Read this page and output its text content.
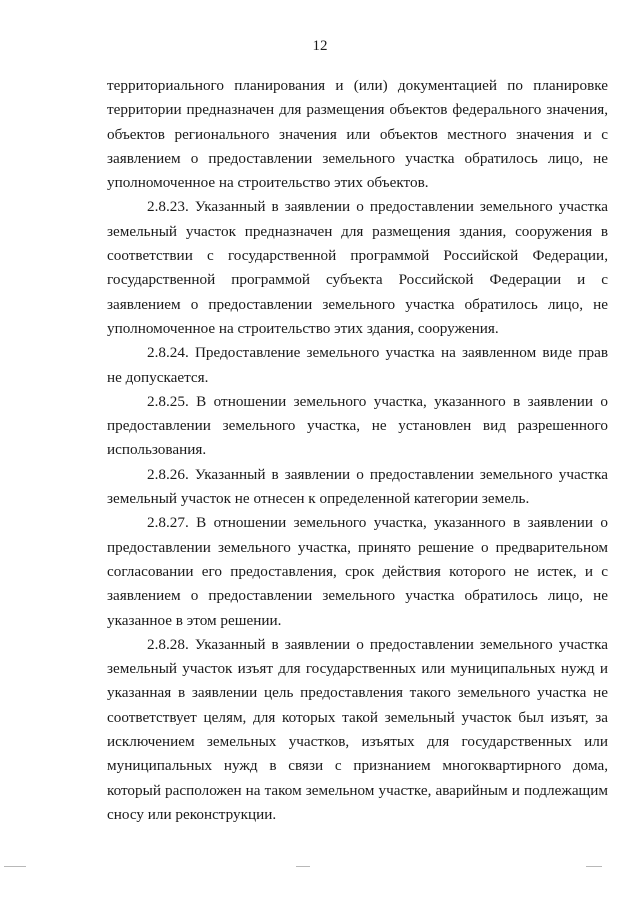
12

территориального планирования и (или) документацией по планировке территории предназначен для размещения объектов федерального значения, объектов регионального значения или объектов местного значения и с заявлением о предоставлении земельного участка обратилось лицо, не уполномоченное на строительство этих объектов.

2.8.23. Указанный в заявлении о предоставлении земельного участка земельный участок предназначен для размещения здания, сооружения в соответствии с государственной программой Российской Федерации, государственной программой субъекта Российской Федерации и с заявлением о предоставлении земельного участка обратилось лицо, не уполномоченное на строительство этих здания, сооружения.

2.8.24. Предоставление земельного участка на заявленном виде прав не допускается.

2.8.25. В отношении земельного участка, указанного в заявлении о предоставлении земельного участка, не установлен вид разрешенного использования.

2.8.26. Указанный в заявлении о предоставлении земельного участка земельный участок не отнесен к определенной категории земель.

2.8.27. В отношении земельного участка, указанного в заявлении о предоставлении земельного участка, принято решение о предварительном согласовании его предоставления, срок действия которого не истек, и с заявлением о предоставлении земельного участка обратилось лицо, не указанное в этом решении.

2.8.28. Указанный в заявлении о предоставлении земельного участка земельный участок изъят для государственных или муниципальных нужд и указанная в заявлении цель предоставления такого земельного участка не соответствует целям, для которых такой земельный участок был изъят, за исключением земельных участков, изъятых для государственных или муниципальных нужд в связи с признанием многоквартирного дома, который расположен на таком земельном участке, аварийным и подлежащим сносу или реконструкции.
